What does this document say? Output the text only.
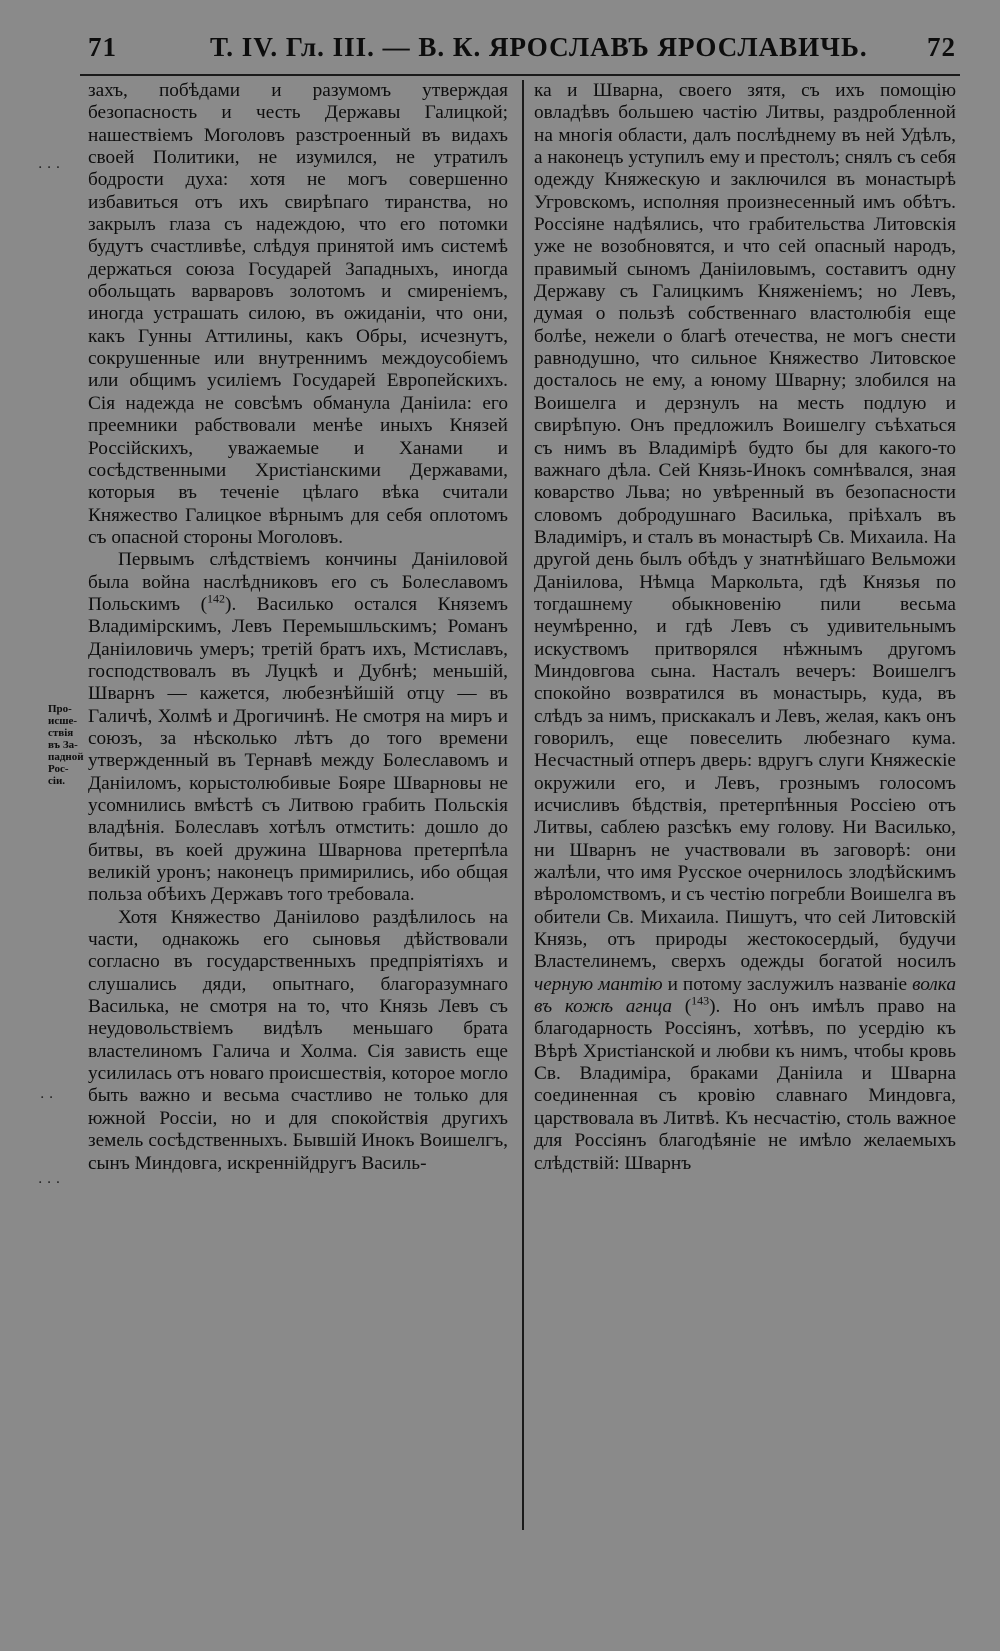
71	Т. IV. Гл. III. — В. К. ЯРОСЛАВЪ ЯРОСЛАВИЧЬ. 72
Про-
исше-
ствія
въ За-
падной
Рос-
сіи.

захъ, побѣдами и разумомъ утверждая безопасность и честь Державы Галицкой; нашествіемъ Моголовъ разстроенный въ видахъ своей Политики, не изумился, не утратилъ бодрости духа: хотя не могъ совершенно избавиться отъ ихъ свирѣпаго тиранства, но закрылъ глаза съ надеждою, что его потомки будутъ счастливѣе, слѣдуя принятой имъ системѣ держаться союза Государей Западныхъ, иногда обольщать варваровъ золотомъ и смиреніемъ, иногда устрашать силою, въ ожиданіи, что они, какъ Гунны Аттилины, какъ Обры, исчезнутъ, сокрушенные или внутреннимъ междоусобіемъ или общимъ усиліемъ Государей Европейскихъ. Сія надежда не совсѣмъ обманула Даніила: его преемники рабствовали менѣе иныхъ Князей Россійскихъ, уважаемые и Ханами и сосѣдственными Христіанскими Державами, которыя въ теченіе цѣлаго вѣка считали Княжество Галицкое вѣрнымъ для себя оплотомъ съ опасной стороны Моголовъ.

Первымъ слѣдствіемъ кончины Даніиловой была война наслѣдниковъ его съ Болеславомъ Польскимъ ($^{142}$). Василько остался Княземъ Владимірскимъ, Левъ Перемышльскимъ; Романъ Даніиловичь умеръ; третій братъ ихъ, Мстиславъ, господствовалъ въ Луцкѣ и Дубнѣ; меньшій, Шварнъ — кажется, любезнѣйшій отцу — въ Галичѣ, Холмѣ и Дрогичинѣ. Не смотря на миръ и союзъ, за нѣсколько лѣтъ до того времени утвержденный въ Тернавѣ между Болеславомъ и Даніиломъ, корыстолюбивые Бояре Шварновы не усомнились вмѣстѣ съ Литвою грабить Польскія владѣнія. Болеславъ хотѣлъ отмстить: дошло до битвы, въ коей дружина Шварнова претерпѣла великій уронъ; наконецъ примирились, ибо общая польза обѣихъ Державъ того требовала.

Хотя Княжество Даніилово раздѣлилось на части, однакожь его сыновья дѣйствовали согласно въ государственныхъ предпріятіяхъ и слушались дяди, опытнаго, благоразумнаго Василька, не смотря на то, что Князь Левъ съ неудовольствіемъ видѣлъ меньшаго брата властелиномъ Галича и Холма. Сія зависть еще усилилась отъ новаго происшествія, которое могло быть важно и весьма счастливо не только для южной Россіи, но и для спокойствія другихъ земель сосѣдственныхъ. Бывшій Инокъ Воишелгъ, сынъ Миндовга, искреннійдругъ Василь-

ка и Шварна, своего зятя, съ ихъ помощію овладѣвъ большею частію Литвы, раздробленной на многія области, далъ послѣднему въ ней Удѣлъ, а наконецъ уступилъ ему и престолъ; снялъ съ себя одежду Княжескую и заключился въ монастырѣ Угровскомъ, исполняя произнесенный имъ обѣтъ. Россіяне надѣялись, что грабительства Литовскія уже не возобновятся, и что сей опасный народъ, правимый сыномъ Даніиловымъ, составитъ одну Державу съ Галицкимъ Княженіемъ; но Левъ, думая о пользѣ собственнаго властолюбія еще болѣе, нежели о благѣ отечества, не могъ снести равнодушно, что сильное Княжество Литовское досталось не ему, а юному Шварну; злобился на Воишелга и дерзнулъ на месть подлую и свирѣпую. Онъ предложилъ Воишелгу съѣхаться съ нимъ въ Владимірѣ будто бы для какого-то важнаго дѣла. Сей Князь-Инокъ сомнѣвался, зная коварство Льва; но увѣренный въ безопасности словомъ добродушнаго Василька, пріѣхалъ въ Владиміръ, и сталъ въ монастырѣ Св. Михаила. На другой день былъ обѣдъ у знатнѣйшаго Вельможи Даніилова, Нѣмца Маркольта, гдѣ Князья по тогдашнему обыкновенію пили весьма неумѣренно, и гдѣ Левъ съ удивительнымъ искуствомъ притворялся нѣжнымъ другомъ Миндовгова сына. Насталъ вечеръ: Воишелгъ спокойно возвратился въ монастырь, куда, въ слѣдъ за нимъ, прискакалъ и Левъ, желая, какъ онъ говорилъ, еще повеселить любезнаго кума. Несчастный отперъ дверь: вдругъ слуги Княжескіе окружили его, и Левъ, грознымъ голосомъ исчисливъ бѣдствія, претерпѣнныя Россіею отъ Литвы, саблею разсѣкъ ему голову. Ни Василько, ни Шварнъ не участвовали въ заговорѣ: они жалѣли, что имя Русское очернилось злодѣйскимъ вѣроломствомъ, и съ честію погребли Воишелга въ обители Св. Михаила. Пишутъ, что сей Литовскій Князь, отъ природы жестокосердый, будучи Властелинемъ, сверхъ одежды богатой носилъ черную мантію и потому заслужилъ названіе волка въ кожѣ агнца ($^{143}$). Но онъ имѣлъ право на благодарность Россіянъ, хотѣвъ, по усердію къ Вѣрѣ Христіанской и любви къ нимъ, чтобы кровь Св. Владиміра, браками Даніила и Шварна соединенная съ кровію славнаго Миндовга, царствовала въ Литвѣ. Къ несчастію, столь важное для Россіянъ благодѣяніе не имѣло желаемыхъ слѣдствій: Шварнъ

· · ·
· ·
· · ·
